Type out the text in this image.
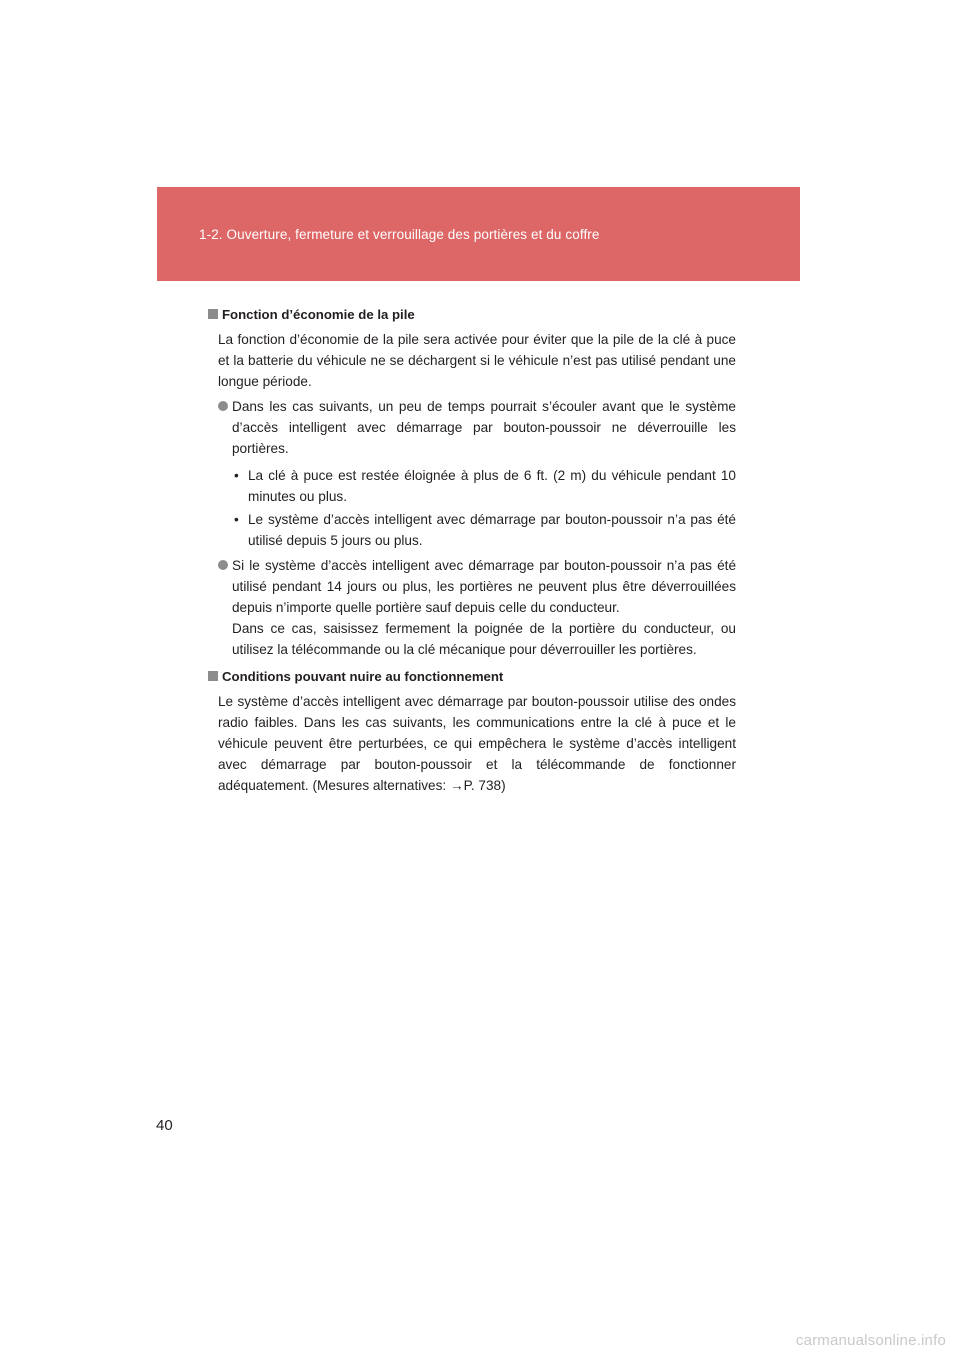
1-2. Ouverture, fermeture et verrouillage des portières et du coffre
Fonction d’économie de la pile
La fonction d’économie de la pile sera activée pour éviter que la pile de la clé à puce et la batterie du véhicule ne se déchargent si le véhicule n’est pas utilisé pendant une longue période.
Dans les cas suivants, un peu de temps pourrait s’écouler avant que le système d’accès intelligent avec démarrage par bouton-poussoir ne déverrouille les portières.
• La clé à puce est restée éloignée à plus de 6 ft. (2 m) du véhicule pendant 10 minutes ou plus.
• Le système d’accès intelligent avec démarrage par bouton-poussoir n’a pas été utilisé depuis 5 jours ou plus.
Si le système d’accès intelligent avec démarrage par bouton-poussoir n’a pas été utilisé pendant 14 jours ou plus, les portières ne peuvent plus être déverrouillées depuis n’importe quelle portière sauf depuis celle du conducteur.
Dans ce cas, saisissez fermement la poignée de la portière du conducteur, ou utilisez la télécommande ou la clé mécanique pour déverrouiller les portières.
Conditions pouvant nuire au fonctionnement
Le système d’accès intelligent avec démarrage par bouton-poussoir utilise des ondes radio faibles. Dans les cas suivants, les communications entre la clé à puce et le véhicule peuvent être perturbées, ce qui empêchera le système d’accès intelligent avec démarrage par bouton-poussoir et la télécommande de fonctionner adéquatement. (Mesures alternatives: →P. 738)
40
carmanualsonline.info
